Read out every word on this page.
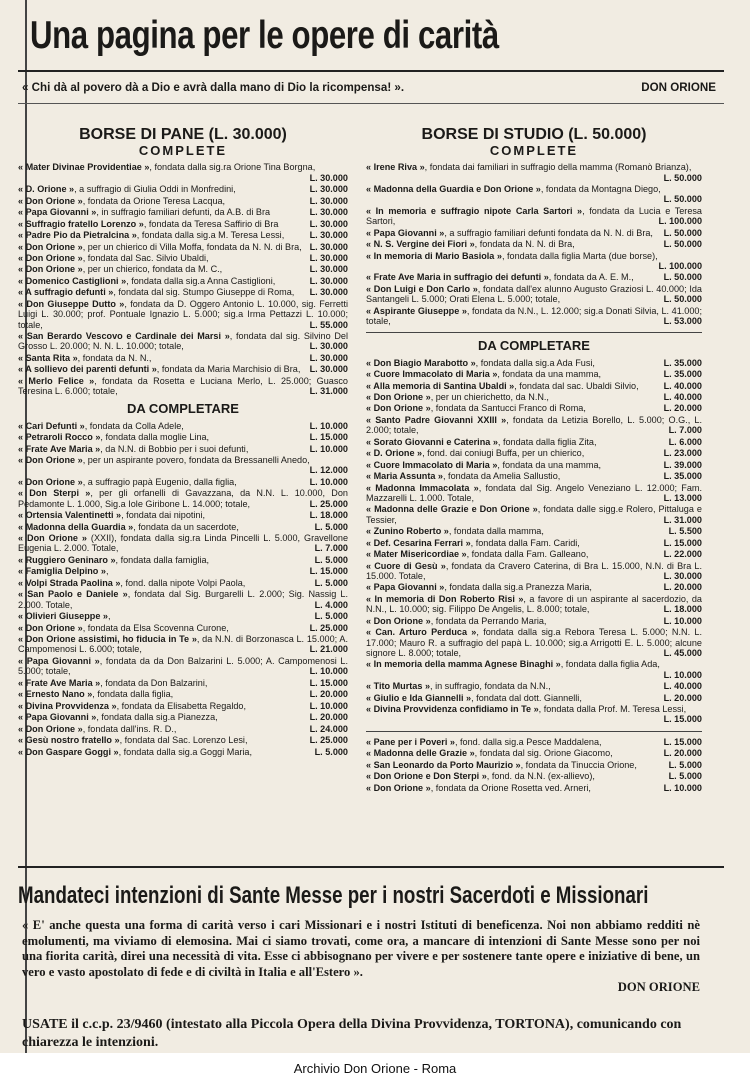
Una pagina per le opere di carità
« Chi dà al povero dà a Dio e avrà dalla mano di Dio la ricompensa! ».	DON ORIONE
BORSE DI PANE (L. 30.000)
COMPLETE
« Mater Divinae Providentiae », fondata dalla sig.ra Orione Tina Borgna,
L. 30.000
« D. Orione », a suffragio di Giulia Oddi in Monfredini,	L. 30.000
« Don Orione », fondata da Orione Teresa Lacqua,	L. 30.000
« Papa Giovanni », in suffragio familiari defunti, da A.B. di Bra	L. 30.000
« Suffragio fratello Lorenzo », fondata da Teresa Saffirio di Bra	L. 30.000
« Padre Pio da Pietralcina », fondata dalla sig.a M. Teresa Lessi,	L. 30.000
« Don Orione », per un chierico di Villa Moffa, fondata da N. N. di Bra, L. 30.000
« Don Orione », fondata dal Sac. Silvio Ubaldi,	L. 30.000
« Don Orione », per un chierico, fondata da M. C.,	L. 30.000
« Domenico Castiglioni », fondata dalla sig.a Anna Castiglioni,	L. 30.000
« A suffragio defunti », fondata dal sig. Stumpo Giuseppe di Roma,	L. 30.000
« Don Giuseppe Dutto », fondata da D. Oggero Antonio L. 10.000, sig. Ferretti Luigi L. 30.000; prof. Pontuale Ignazio L. 5.000; sig.a Irma Pettazzi L. 10.000; totale,	L. 55.000
« San Berardo Vescovo e Cardinale dei Marsi », fondata dal sig. Silvino Del Grosso L. 20.000; N. N. L. 10.000; totale,	L. 30.000
« Santa Rita », fondata da N. N.,	L. 30.000
« A sollievo dei parenti defunti », fondata da Maria Marchisio di Bra,	L. 30.000
« Merlo Felice », fondata da Rosetta e Luciana Merlo, L. 25.000; Guasco Teresina L. 6.000; totale,	L. 31.000
DA COMPLETARE
« Cari Defunti », fondata da Colla Adele,	L. 10.000
« Petraroli Rocco », fondata dalla moglie Lina,	L. 15.000
« Frate Ave Maria », da N.N. di Bobbio per i suoi defunti,	L. 10.000
« Don Orione », per un aspirante povero, fondata da Bressanelli Anedo,
L. 12.000
« Don Orione », a suffragio papà Eugenio, dalla figlia,	L. 10.000
« Don Sterpi », per gli orfanelli di Gavazzana, da N.N. L. 10.000, Don Pedamonte L. 1.000, Sig.a Iole Giribone L. 14.000; totale,	L. 25.000
« Ortensia Valentinetti », fondata dai nipotini,	L. 18.000
« Madonna della Guardia », fondata da un sacerdote,	L. 5.000
« Don Orione » (XXII), fondata dalla sig.ra Linda Pincelli L. 5.000, Gravellone Eugenia L. 2.000. Totale,	L. 7.000
« Ruggiero Geninaro », fondata dalla famiglia,	L. 5.000
« Famiglia Delpino »,	L. 15.000
« Volpi Strada Paolina », fond. dalla nipote Volpi Paola,	L. 5.000
« San Paolo e Daniele », fondata dal Sig. Burgarelli L. 2.000; Sig. Nassig L. 2.000. Totale,	L. 4.000
« Olivieri Giuseppe »,	L. 5.000
« Don Orione », fondata da Elsa Scovenna Curone,	L. 25.000
« Don Orione assistimi, ho fiducia in Te », da N.N. di Borzonasca L. 15.000; A. Campomenosi L. 6.000; totale,	L. 21.000
« Papa Giovanni », fondata da da Don Balzarini L. 5.000; A. Campomenosi L. 5.000; totale,	L. 10.000
« Frate Ave Maria », fondata da Don Balzarini,	L. 15.000
« Ernesto Nano », fondata dalla figlia,	L. 20.000
« Divina Provvidenza », fondata da Elisabetta Regaldo,	L. 10.000
« Papa Giovanni », fondata dalla sig.a Pianezza,	L. 20.000
« Don Orione », fondata dall'ins. R. D.,	L. 24.000
« Gesù nostro fratello », fondata dal Sac. Lorenzo Lesi,	L. 25.000
« Don Gaspare Goggi », fondata dalla sig.a Goggi Maria,	L. 5.000
BORSE DI STUDIO (L. 50.000)
COMPLETE
« Irene Riva », fondata dai familiari in suffragio della mamma (Romanò Brianza),
L. 50.000
« Madonna della Guardia e Don Orione », fondata da Montagna Diego,
L. 50.000
« In memoria e suffragio nipote Carla Sartori », fondata da Lucia e Teresa Sartori,	L. 100.000
« Papa Giovanni », a suffragio familiari defunti fondata da N. N. di Bra,	L. 50.000
« N. S. Vergine dei Fiori », fondata da N. N. di Bra,	L. 50.000
« In memoria di Mario Basiola », fondata dalla figlia Marta (due borse),
L. 100.000
« Frate Ave Maria in suffragio dei defunti », fondata da A. E. M.,	L. 50.000
« Don Luigi e Don Carlo », fondata dall'ex alunno Augusto Graziosi L. 40.000; Ida Santangeli L. 5.000; Orati Elena L. 5.000; totale,	L. 50.000
« Aspirante Giuseppe », fondata da N.N., L. 12.000; sig.a Donati Silvia, L. 41.000; totale,	L. 53.000
DA COMPLETARE
« Don Biagio Marabotto », fondata dalla sig.a Ada Fusi,	L. 35.000
« Cuore Immacolato di Maria », fondata da una mamma,	L. 35.000
« Alla memoria di Santina Ubaldi », fondata dal sac. Ubaldi Silvio,	L. 40.000
« Don Orione », per un chierichetto, da N.N.,	L. 40.000
« Don Orione », fondata da Santucci Franco di Roma,	L. 20.000
« Santo Padre Giovanni XXIII », fondata da Letizia Borello, L. 5.000; O.G., L. 2.000; totale,	L. 7.000
« Sorato Giovanni e Caterina », fondata dalla figlia Zita,	L. 6.000
« D. Orione », fond. dai coniugi Buffa, per un chierico,	L. 23.000
« Cuore Immacolato di Maria », fondata da una mamma,	L. 39.000
« Maria Assunta », fondata da Amelia Sallustio,	L. 35.000
« Madonna Immacolata », fondata dal Sig. Angelo Veneziano L. 12.000; Fam. Mazzarelli L. 1.000. Totale,	L. 13.000
« Madonna delle Grazie e Don Orione », fondata dalle sigg.e Rolero, Pittaluga e Tessier,	L. 31.000
« Zunino Roberto », fondata dalla mamma,	L. 5.500
« Def. Cesarina Ferrari », fondata dalla Fam. Caridi,	L. 15.000
« Mater Misericordiae », fondata dalla Fam. Galleano,	L. 22.000
« Cuore di Gesù », fondata da Cravero Caterina, di Bra L. 15.000, N.N. di Bra L. 15.000. Totale,	L. 30.000
« Papa Giovanni », fondata dalla sig.a Pranezza Maria,	L. 20.000
« In memoria di Don Roberto Risi », a favore di un aspirante al sacerdozio, da N.N., L. 10.000; sig. Filippo De Angelis, L. 8.000; totale,	L. 18.000
« Don Orione », fondata da Perrando Maria,	L. 10.000
« Can. Arturo Perduca », fondata dalla sig.a Rebora Teresa L. 5.000; N.N. L. 17.000; Mauro R. a suffragio del papà L. 10.000; sig.a Arrigotti E. L. 5.000; alcune signore L. 8.000; totale,	L. 45.000
« In memoria della mamma Agnese Binaghi », fondata dalla figlia Ada,
L. 10.000
« Tito Murtas », in suffragio, fondata da N.N.,	L. 40.000
« Giulio e Ida Giannelli », fondata dal dott. Giannelli,	L. 20.000
« Divina Provvidenza confidiamo in Te », fondata dalla Prof. M. Teresa Lessi,
L. 15.000
« Pane per i Poveri », fond. dalla sig.a Pesce Maddalena,	L. 15.000
« Madonna delle Grazie », fondata dal sig. Orione Giacomo,	L. 20.000
« San Leonardo da Porto Maurizio », fondata da Tinuccia Orione,	L. 5.000
« Don Orione e Don Sterpi », fond. da N.N. (ex-allievo),	L. 5.000
« Don Orione », fondata da Orione Rosetta ved. Arneri,	L. 10.000
Mandateci intenzioni di Sante Messe per i nostri Sacerdoti e Missionari
« E' anche questa una forma di carità verso i cari Missionari e i nostri Istituti di beneficenza. Noi non abbiamo redditi nè emolumenti, ma viviamo di elemosina. Mai ci siamo trovati, come ora, a mancare di intenzioni di Sante Messe sono per noi una fiorita carità, direi una necessità di vita. Esse ci abbisognano per vivere e per sostenere tante opere e iniziative di bene, un vero e vasto apostolato di fede e di civiltà in Italia e all'Estero ».
DON ORIONE
USATE il c.c.p. 23/9460 (intestato alla Piccola Opera della Divina Provvidenza, TORTONA), comunicando con chiarezza le intenzioni.
Archivio Don Orione - Roma
